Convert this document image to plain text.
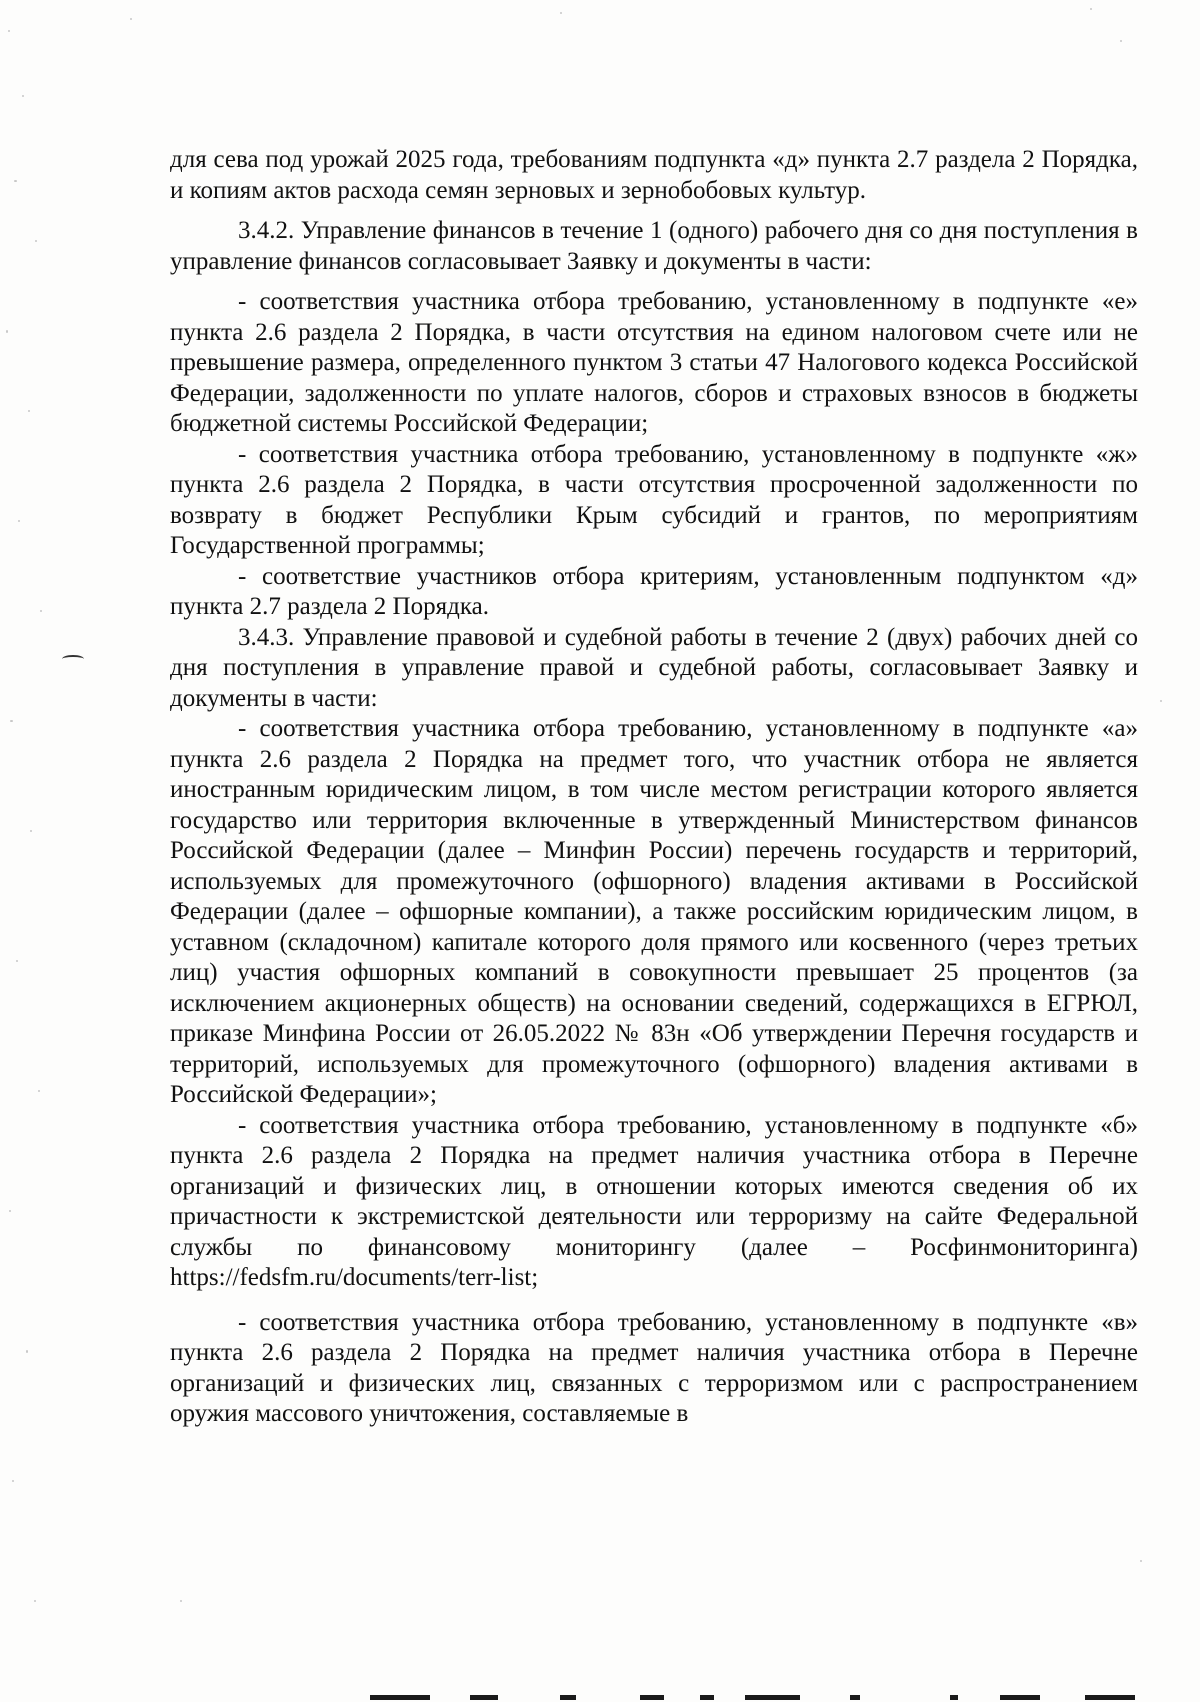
для сева под урожай 2025 года, требованиям подпункта «д» пункта 2.7 раздела 2 Порядка, и копиям актов расхода семян зерновых и зернобобовых культур.

3.4.2. Управление финансов в течение 1 (одного) рабочего дня со дня поступления в управление финансов согласовывает Заявку и документы в части:

- соответствия участника отбора требованию, установленному в подпункте «е» пункта 2.6 раздела 2 Порядка, в части отсутствия на едином налоговом счете или не превышение размера, определенного пунктом 3 статьи 47 Налогового кодекса Российской Федерации, задолженности по уплате налогов, сборов и страховых взносов в бюджеты бюджетной системы Российской Федерации;

- соответствия участника отбора требованию, установленному в подпункте «ж» пункта 2.6 раздела 2 Порядка, в части отсутствия просроченной задолженности по возврату в бюджет Республики Крым субсидий и грантов, по мероприятиям Государственной программы;

- соответствие участников отбора критериям, установленным подпунктом «д» пункта 2.7 раздела 2 Порядка.

3.4.3. Управление правовой и судебной работы в течение 2 (двух) рабочих дней со дня поступления в управление правой и судебной работы, согласовывает Заявку и документы в части:

- соответствия участника отбора требованию, установленному в подпункте «а» пункта 2.6 раздела 2 Порядка на предмет того, что участник отбора не является иностранным юридическим лицом, в том числе местом регистрации которого является государство или территория включенные в утвержденный Министерством финансов Российской Федерации (далее – Минфин России) перечень государств и территорий, используемых для промежуточного (офшорного) владения активами в Российской Федерации (далее – офшорные компании), а также российским юридическим лицом, в уставном (складочном) капитале которого доля прямого или косвенного (через третьих лиц) участия офшорных компаний в совокупности превышает 25 процентов (за исключением акционерных обществ) на основании сведений, содержащихся в ЕГРЮЛ, приказе Минфина России от 26.05.2022 № 83н «Об утверждении Перечня государств и территорий, используемых для промежуточного (офшорного) владения активами в Российской Федерации»;

- соответствия участника отбора требованию, установленному в подпункте «б» пункта 2.6 раздела 2 Порядка на предмет наличия участника отбора в Перечне организаций и физических лиц, в отношении которых имеются сведения об их причастности к экстремистской деятельности или терроризму на сайте Федеральной службы по финансовому мониторингу (далее – Росфинмониторинга) https://fedsfm.ru/documents/terr-list;

- соответствия участника отбора требованию, установленному в подпункте «в» пункта 2.6 раздела 2 Порядка на предмет наличия участника отбора в Перечне организаций и физических лиц, связанных с терроризмом или с распространением оружия массового уничтожения, составляемые в
